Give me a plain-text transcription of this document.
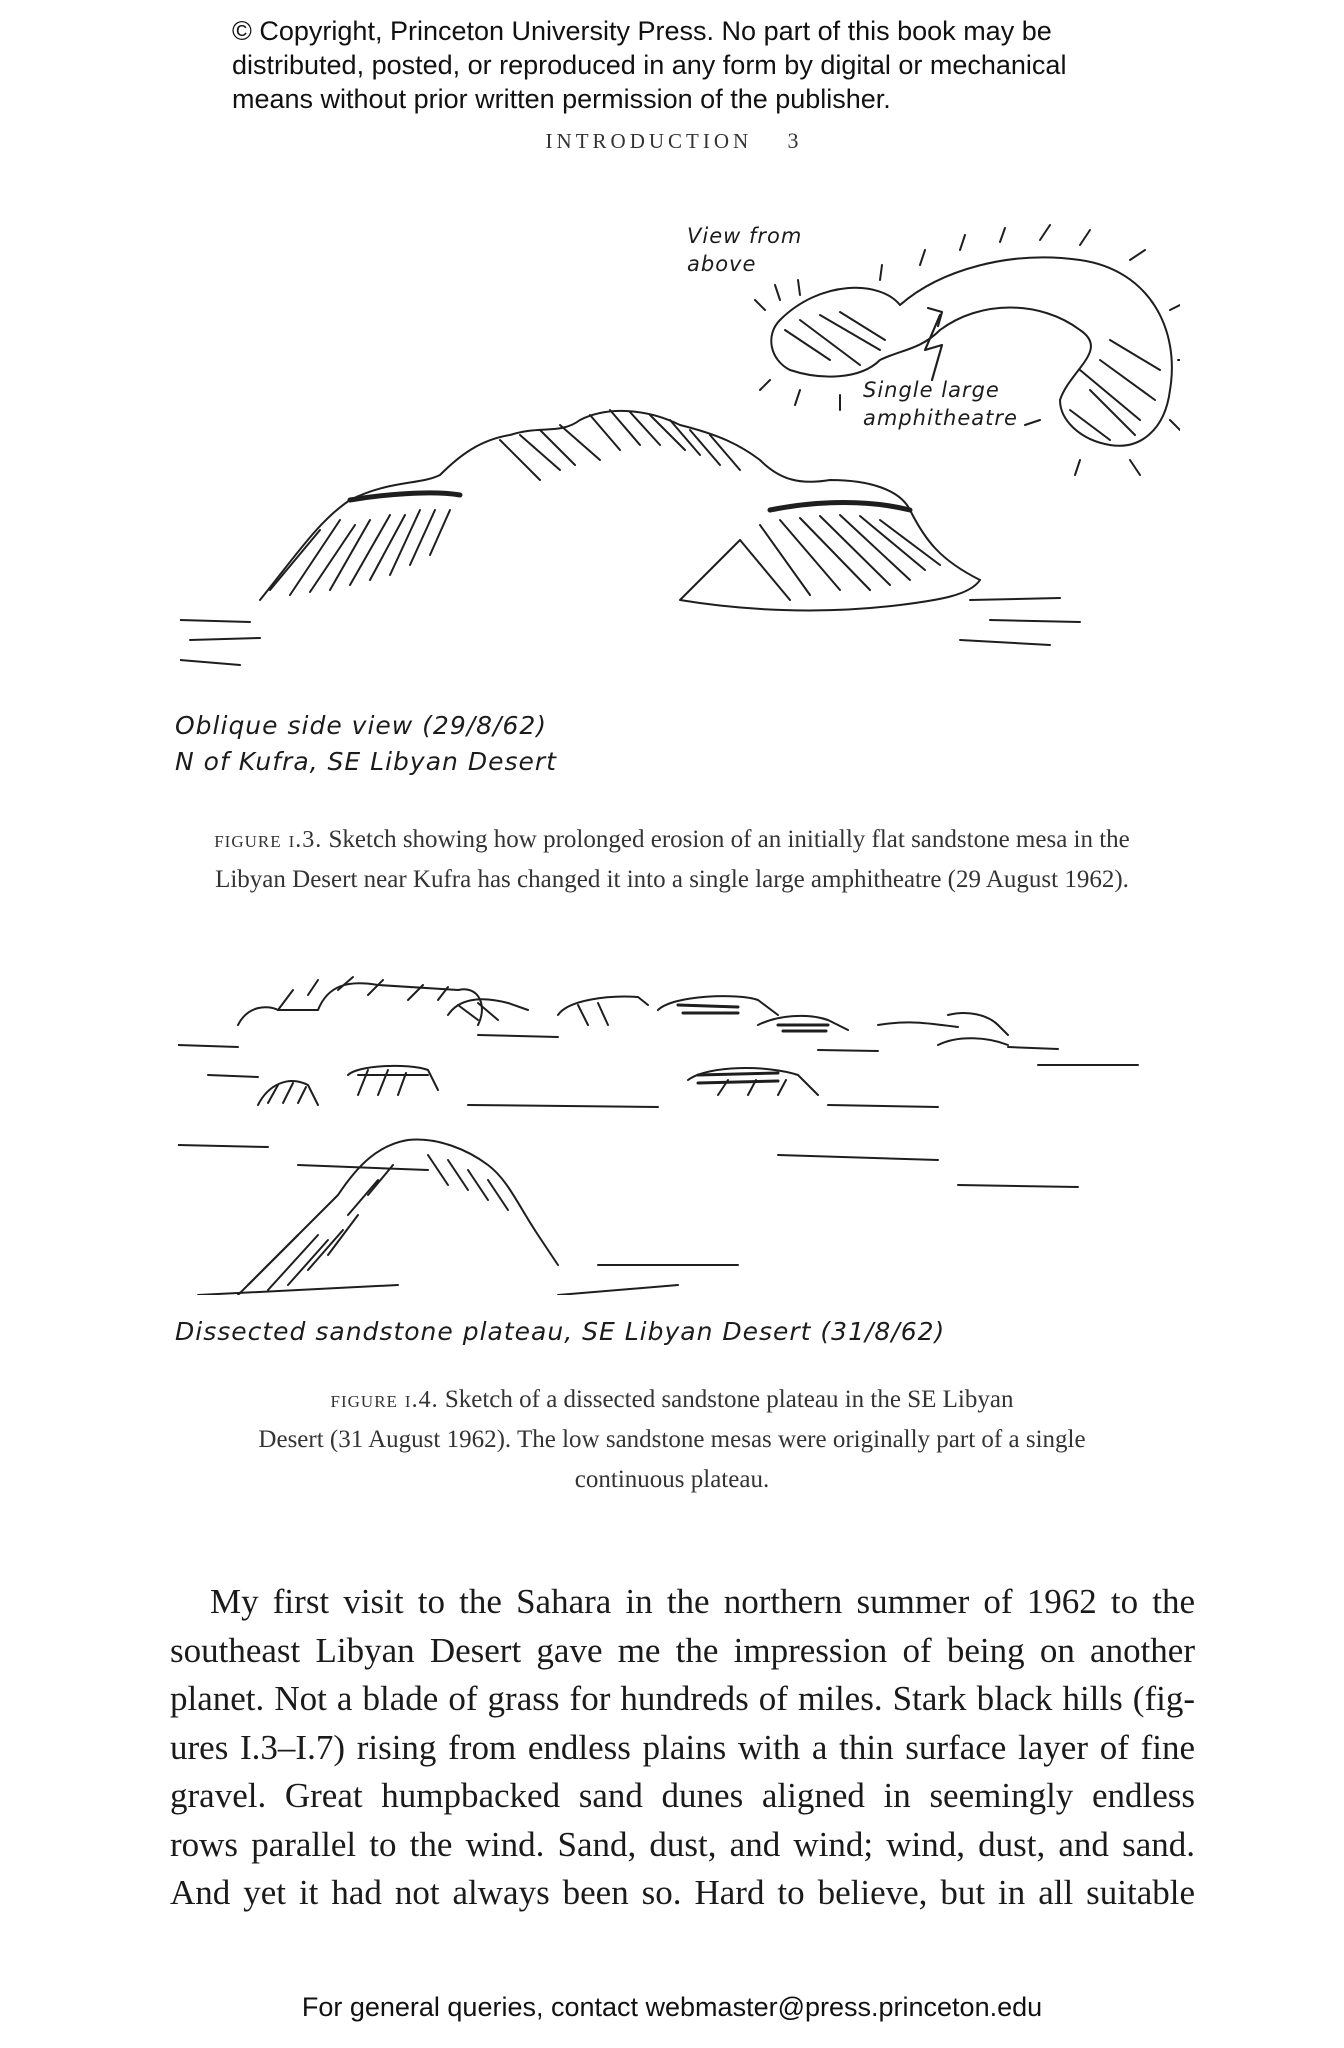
© Copyright, Princeton University Press. No part of this book may be
distributed, posted, or reproduced in any form by digital or mechanical
means without prior written permission of the publisher.
INTRODUCTION 3
View from
above
Single large
amphitheatre
Oblique side view (29/8/62)
N of Kufra, SE Libyan Desert
figure i.3. Sketch showing how prolonged erosion of an initially flat sandstone mesa in the
Libyan Desert near Kufra has changed it into a single large amphitheatre (29 August 1962).
Dissected sandstone plateau, SE Libyan Desert (31/8/62)
figure i.4. Sketch of a dissected sandstone plateau in the SE Libyan
Desert (31 August 1962). The low sandstone mesas were originally part of a single
continuous plateau.
My first visit to the Sahara in the northern summer of 1962 to the
southeast Libyan Desert gave me the impression of being on another
planet. Not a blade of grass for hundreds of miles. Stark black hills (fig-
ures I.3–I.7) rising from endless plains with a thin surface layer of fine
gravel. Great humpbacked sand dunes aligned in seemingly endless
rows parallel to the wind. Sand, dust, and wind; wind, dust, and sand.
And yet it had not always been so. Hard to believe, but in all suitable
For general queries, contact webmaster@press.princeton.edu
